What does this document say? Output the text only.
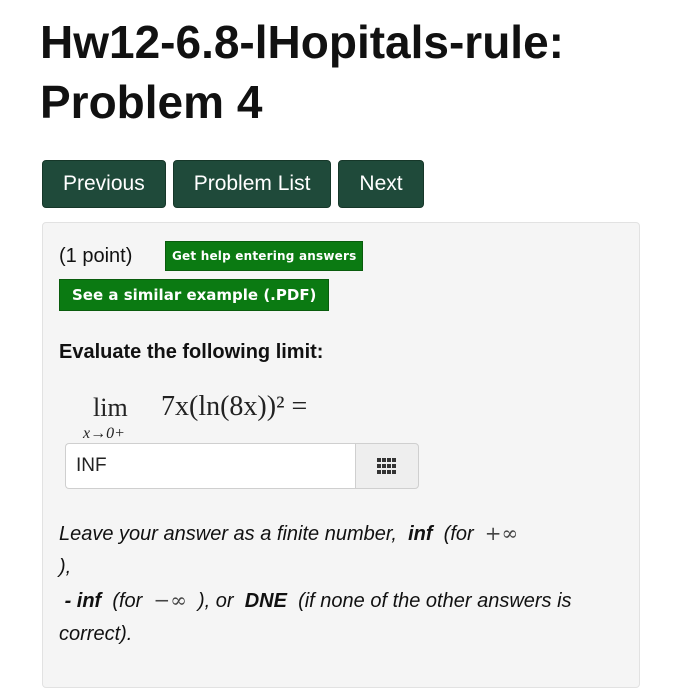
Hw12-6.8-lHopitals-rule: Problem 4
Previous	Problem List	Next
(1 point)	Get help entering answers
See a similar example (.PDF)
Evaluate the following limit:
lim
x→0+
7x(ln(8x))² =
INF

Leave your answer as a finite number, inf (for +∞
),
- inf (for −∞ ), or DNE (if none of the other answers is correct).
